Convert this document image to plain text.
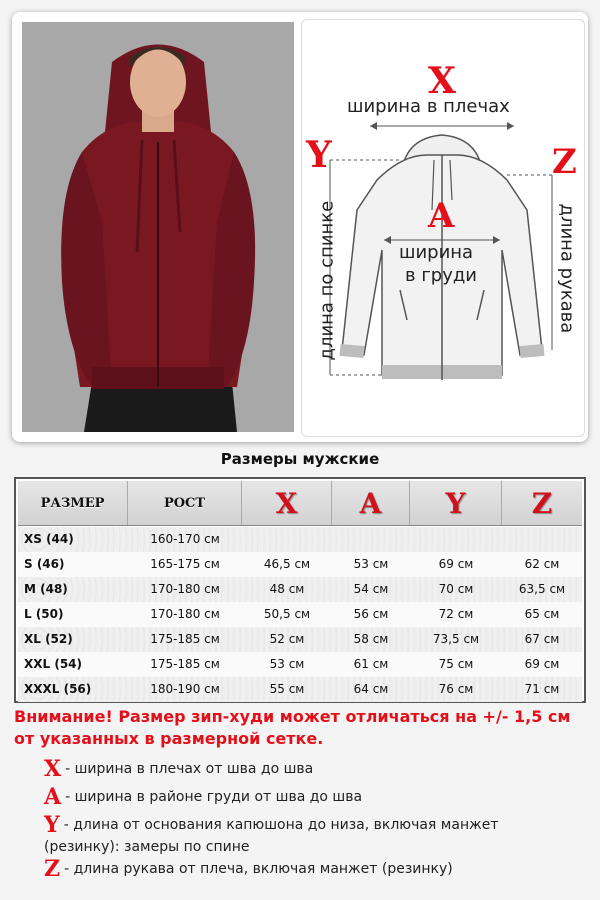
X
ширина в плечах
Y	Z
A
ширина
в груди
длина по спинке	длина рукава
Размеры мужские
РАЗМЕР	РОСТ	X	A	Y	Z
XS (44)	160-170 см
S (46)	165-175 см	46,5 см	53 см	69 см	62 см
M (48)	170-180 см	48 см	54 см	70 см	63,5 см
L (50)	170-180 см	50,5 см	56 см	72 см	65 см
XL (52)	175-185 см	52 см	58 см	73,5 см	67 см
XXL (54)	175-185 см	53 см	61 см	75 см	69 см
XXXL (56)	180-190 см	55 см	64 см	76 см	71 см
Внимание! Размер зип-худи может отличаться на +/- 1,5 см от указанных в размерной сетке.
X - ширина в плечах от шва до шва
A - ширина в районе груди от шва до шва
Y - длина от основания капюшона до низа, включая манжет (резинку): замеры по спине
Z - длина рукава от плеча, включая манжет (резинку)
